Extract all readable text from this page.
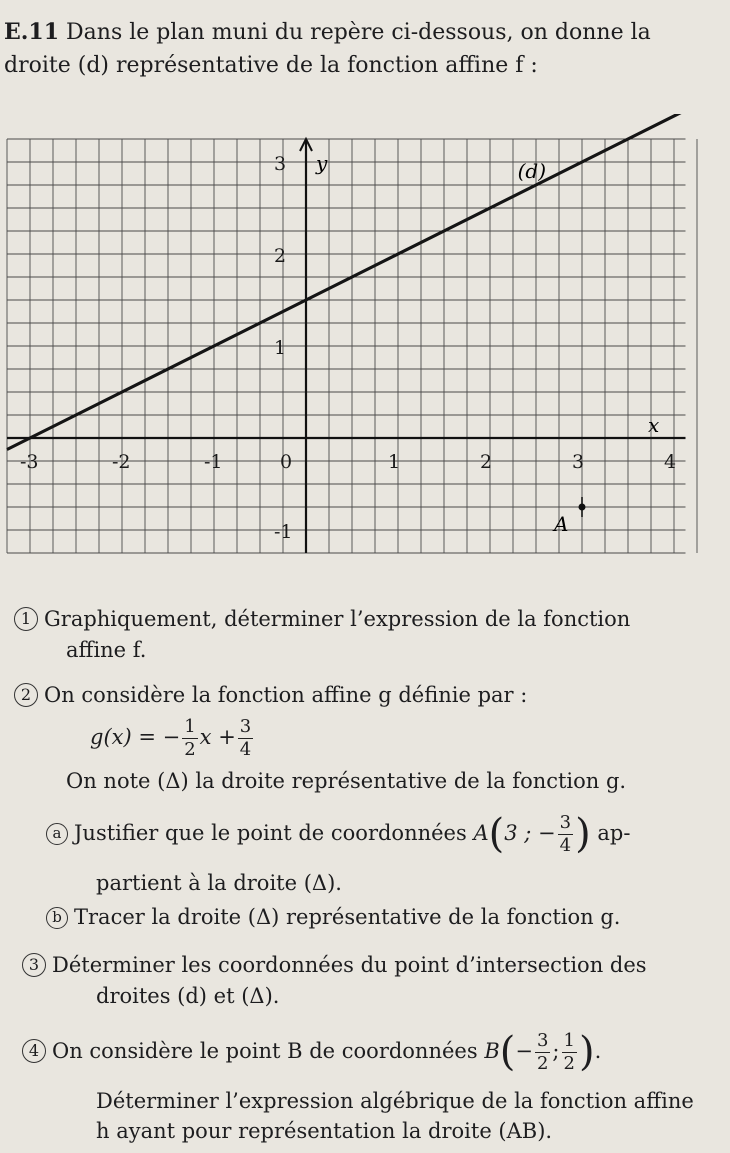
E.11 Dans le plan muni du repère ci-dessous, on donne la
droite (d) représentative de la fonction affine f :
-3	-2	-1	0	1	2	3	4
3
2
1
-1
x
y	(d)
A
1 Graphiquement, déterminer l’expression de la fonction
affine f.
2 On considère la fonction affine g définie par :
g(x) = − $\frac{1}{2}$ $x + \frac{3}{4}$
On note (Δ) la droite représentative de la fonction g.
a Justifier que le point de coordonnées A(3 ; − $\frac{3}{4}$ ) ap-
partient à la droite (Δ).
b Tracer la droite (Δ) représentative de la fonction g.
3 Déterminer les coordonnées du point d’intersection des
droites (d) et (Δ).
4 On considère le point B de coordonnées $B(- \frac{3}{2}$ ; $\frac{1}{2}$ ).
Déterminer l’expression algébrique de la fonction affine
h ayant pour représentation la droite (AB).
